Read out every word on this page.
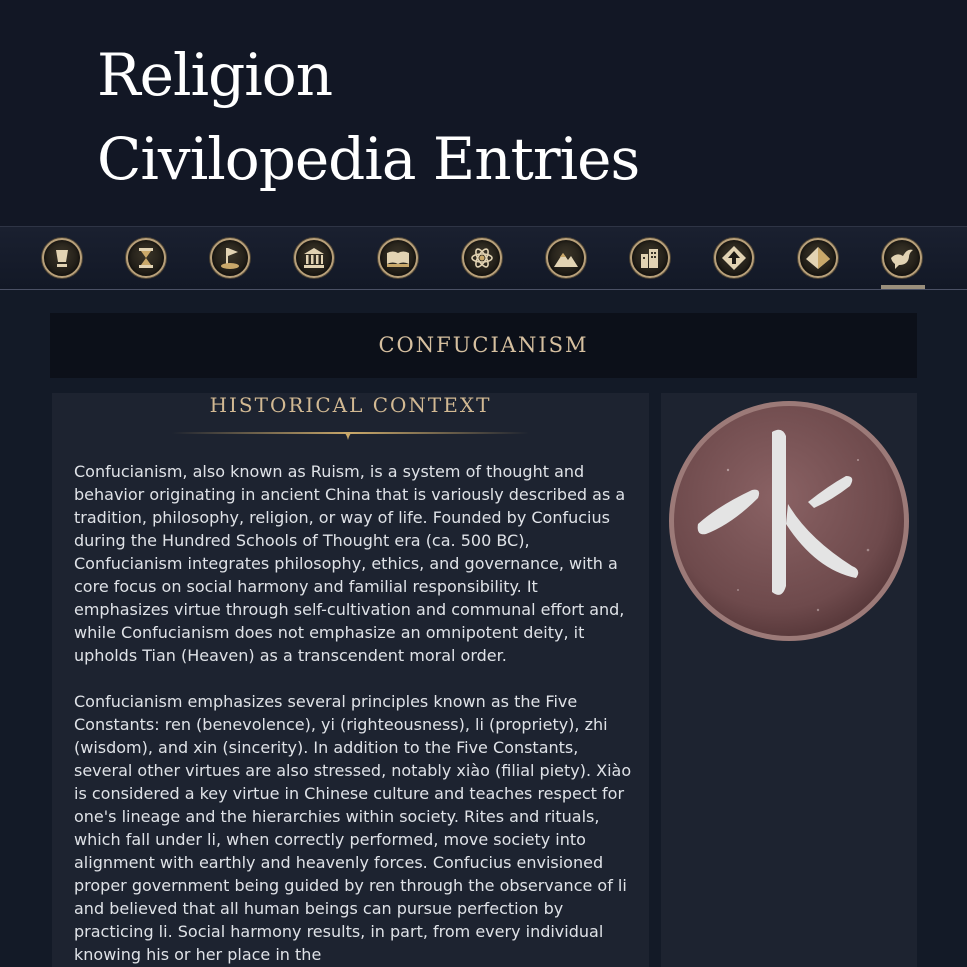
Religion
Civilopedia Entries
CONFUCIANISM
HISTORICAL CONTEXT

Confucianism, also known as Ruism, is a system of thought and behavior originating in ancient China that is variously described as a tradition, philosophy, religion, or way of life. Founded by Confucius during the Hundred Schools of Thought era (ca. 500 BC), Confucianism integrates philosophy, ethics, and governance, with a core focus on social harmony and familial responsibility. It emphasizes virtue through self-cultivation and communal effort and, while Confucianism does not emphasize an omnipotent deity, it upholds Tian (Heaven) as a transcendent moral order.

Confucianism emphasizes several principles known as the Five Constants: ren (benevolence), yi (righteousness), li (propriety), zhi (wisdom), and xin (sincerity). In addition to the Five Constants, several other virtues are also stressed, notably xiào (filial piety). Xiào is considered a key virtue in Chinese culture and teaches respect for one's lineage and the hierarchies within society. Rites and rituals, which fall under li, when correctly performed, move society into alignment with earthly and heavenly forces. Confucius envisioned proper government being guided by ren through the observance of li and believed that all human beings can pursue perfection by practicing li. Social harmony results, in part, from every individual knowing his or her place in the
